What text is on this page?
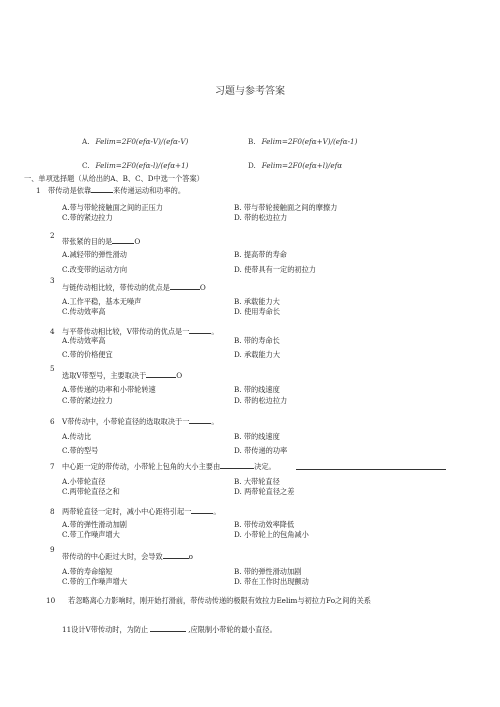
习题与参考答案
A. Felim=2F0(efα-V)/(efα-V)	B. Felim=2F0(efα+V)/(efα-1)
C. Felim=2F0(efα-l)/(efα+1)	D. Felim=2F0(efα+l)/efα
一、单项选择题（从给出的A、B、C、D中选一个答案）
1 带传动是依靠	来传递运动和功率的。
A.带与带轮接触面之间的正压力	B. 带与带轮接触面之间的摩擦力
C.带的紧边拉力	D. 带的松边拉力
2
带张紧的目的是	O
A.减轻带的弹性滑动	B. 提高带的寿命
C.改变带的运动方向	D. 使带具有一定的初拉力
3
与链传动相比较，带传动的优点是	O
A.工作平稳，基本无噪声	B. 承载能力大
C.传动效率高	D. 使用寿命长
4 与平带传动相比较，V带传动的优点是一	。
A.传动效率高	B. 带的寿命长
C.带的价格便宜	D. 承载能力大
5
选取V带型号，主要取决于	O
A.带传递的功率和小带轮转速	B. 带的线速度
C.带的紧边拉力	D. 带的松边拉力
6 V带传动中，小带轮直径的选取取决于一	。
A.传动比	B. 带的线速度
C.带的型号	D. 带传递的功率
7 中心距一定的带传动，小带轮上包角的大小主要由	决定。
A.小带轮直径	B. 大带轮直径
C.两带轮直径之和	D. 两带轮直径之差
8 两带轮直径一定时，减小中心距将引起一	。
A.带的弹性滑动加剧	B. 带传动效率降低
C.带工作噪声增大	D. 小带轮上的包角减小
9
带传动的中心距过大时，会导致	o
A.带的寿命缩短	B. 带的弹性滑动加剧
C.带的工作噪声增大	D. 带在工作时出现颤动
10 若忽略离心力影响时，刚开始打滑前，带传动传递的极限有效拉力Eelim与初拉力Fo之间的关系
11设计V带传动时，为防止	,应限制小带轮的最小直径。
